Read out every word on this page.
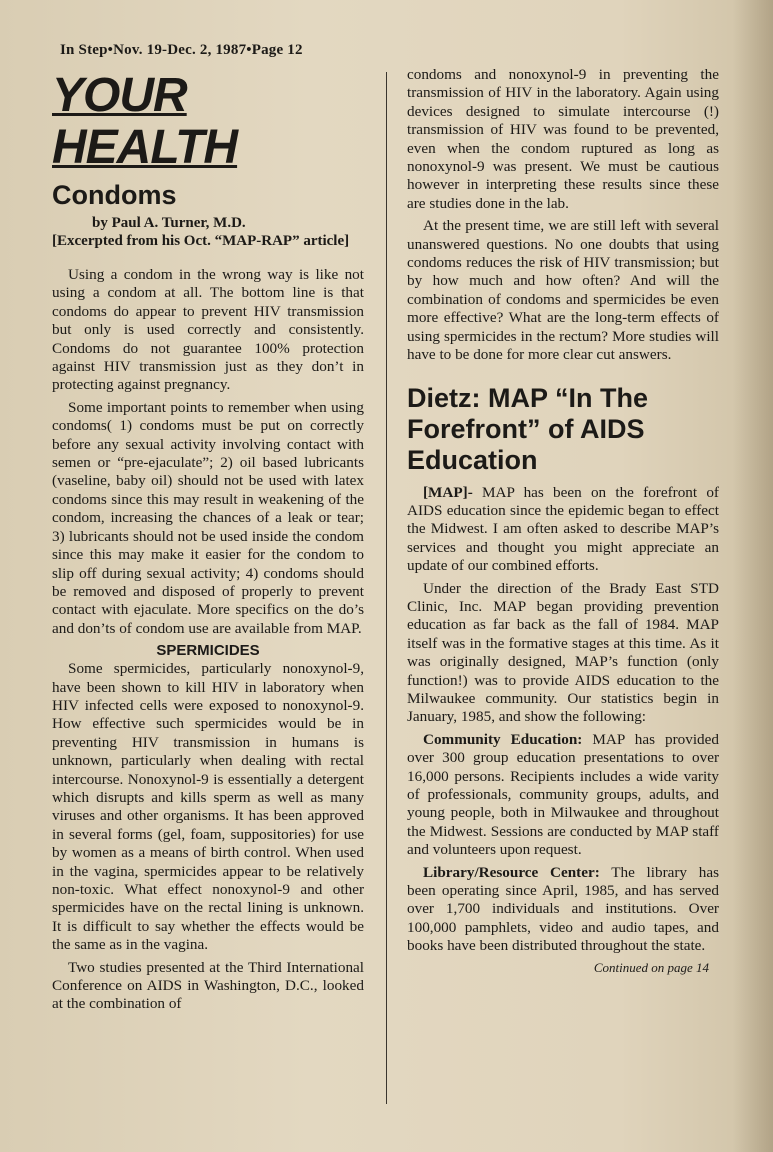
In Step•Nov. 19-Dec. 2, 1987•Page 12
YOUR HEALTH
Condoms
by Paul A. Turner, M.D.
[Excerpted from his Oct. “MAP-RAP” article]

Using a condom in the wrong way is like not using a condom at all. The bottom line is that condoms do appear to prevent HIV transmission but only is used correctly and consistently. Condoms do not guarantee 100% protection against HIV transmission just as they don’t in protecting against pregnancy.

Some important points to remember when using condoms( 1) condoms must be put on correctly before any sexual activity involving contact with semen or “pre-ejaculate”; 2) oil based lubricants (vaseline, baby oil) should not be used with latex condoms since this may result in weakening of the condom, increasing the chances of a leak or tear; 3) lubricants should not be used inside the condom since this may make it easier for the condom to slip off during sexual activity; 4) condoms should be removed and disposed of properly to prevent contact with ejaculate. More specifics on the do’s and don’ts of condom use are available from MAP.

SPERMICIDES

Some spermicides, particularly nonoxynol-9, have been shown to kill HIV in laboratory when HIV infected cells were exposed to nonoxynol-9. How effective such spermicides would be in preventing HIV transmission in humans is unknown, particularly when dealing with rectal intercourse. Nonoxynol-9 is essentially a detergent which disrupts and kills sperm as well as many viruses and other organisms. It has been approved in several forms (gel, foam, suppositories) for use by women as a means of birth control. When used in the vagina, spermicides appear to be relatively non-toxic. What effect nonoxynol-9 and other spermicides have on the rectal lining is unknown. It is difficult to say whether the effects would be the same as in the vagina.

Two studies presented at the Third International Conference on AIDS in Washington, D.C., looked at the combination of

condoms and nonoxynol-9 in preventing the transmission of HIV in the laboratory. Again using devices designed to simulate intercourse (!) transmission of HIV was found to be prevented, even when the condom ruptured as long as nonoxynol-9 was present. We must be cautious however in interpreting these results since these are studies done in the lab.

At the present time, we are still left with several unanswered questions. No one doubts that using condoms reduces the risk of HIV transmission; but by how much and how often? And will the combination of condoms and spermicides be even more effective? What are the long-term effects of using spermicides in the rectum? More studies will have to be done for more clear cut answers.

Dietz: MAP “In The Forefront” of AIDS Education

[MAP]- MAP has been on the forefront of AIDS education since the epidemic began to effect the Midwest. I am often asked to describe MAP’s services and thought you might appreciate an update of our combined efforts.

Under the direction of the Brady East STD Clinic, Inc. MAP began providing prevention education as far back as the fall of 1984. MAP itself was in the formative stages at this time. As it was originally designed, MAP’s function (only function!) was to provide AIDS education to the Milwaukee community. Our statistics begin in January, 1985, and show the following:

Community Education: MAP has provided over 300 group education presentations to over 16,000 persons. Recipients includes a wide varity of professionals, community groups, adults, and young people, both in Milwaukee and throughout the Midwest. Sessions are conducted by MAP staff and volunteers upon request.

Library/Resource Center: The library has been operating since April, 1985, and has served over 1,700 individuals and institutions. Over 100,000 pamphlets, video and audio tapes, and books have been distributed throughout the state.

Continued on page 14
